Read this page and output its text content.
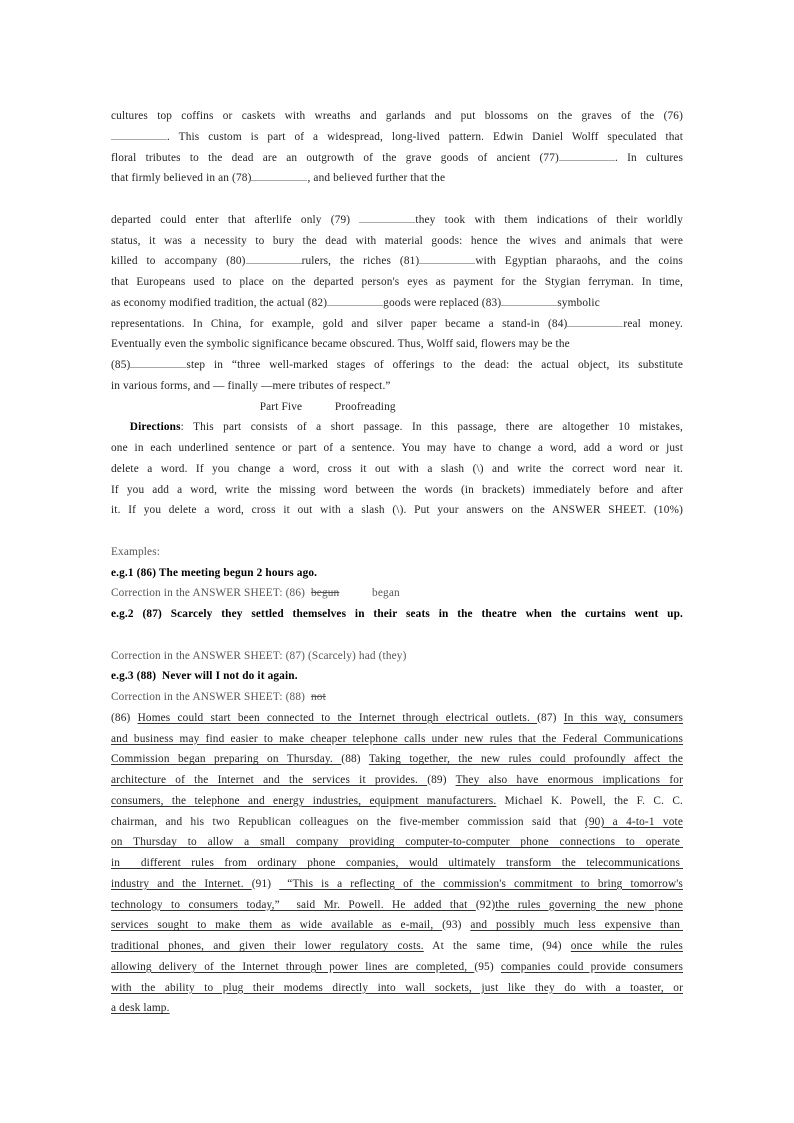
cultures top coffins or caskets with wreaths and garlands and put blossoms on the graves of the (76)
. This custom is part of a widespread, long-lived pattern. Edwin Daniel Wolff speculated that
floral tributes to the dead are an outgrowth of the grave goods of ancient (77)	. In cultures
that firmly believed in an (78)	, and believed further that the
departed could enter that afterlife only (79)	they took with them indications of their worldly
status, it was a necessity to bury the dead with material goods: hence the wives and animals that were
killed to accompany (80)	rulers, the riches (81)	with Egyptian pharaohs, and the coins
that Europeans used to place on the departed person's eyes as payment for the Stygian ferryman. In time,
as economy modified tradition, the actual (82)	goods were replaced (83)	symbolic
representations. In China, for example, gold and silver paper became a stand-in (84)	real money.
Eventually even the symbolic significance became obscured. Thus, Wolff said, flowers may be the
(85)	step in “three well-marked stages of offerings to the dead: the actual object, its substitute
in various forms, and — finally —mere tributes of respect.”
Part Five           Proofreading
Directions: This part consists of a short passage. In this passage, there are altogether 10 mistakes,
one in each underlined sentence or part of a sentence. You may have to change a word, add a word or just
delete a word. If you change a word, cross it out with a slash (\) and write the correct word near it.
If you add a word, write the missing word between the words (in brackets) immediately before and after
it. If you delete a word, cross it out with a slash (\). Put your answers on the ANSWER SHEET. (10%)
Examples:
e.g.1 (86) The meeting begun 2 hours ago.
Correction in the ANSWER SHEET: (86)  begun           began
e.g.2 (87) Scarcely they settled themselves in their seats in the theatre when the curtains went up.
Correction in the ANSWER SHEET: (87) (Scarcely) had (they)
e.g.3 (88)  Never will I not do it again.
Correction in the ANSWER SHEET: (88)  not
(86) Homes could start been connected to the Internet through electrical outlets. (87) In this way, consumers
and business may find easier to make cheaper telephone calls under new rules that the Federal Communications
Commission began preparing on Thursday. (88) Taking together, the new rules could profoundly affect the
architecture of the Internet and the services it provides. (89) They also have enormous implications for
consumers, the telephone and energy industries, equipment manufacturers. Michael K. Powell, the F. C. C.
chairman, and his two Republican colleagues on the five-member commission said that (90) a 4-to-1 vote
on Thursday to allow a small company providing computer-to-computer phone connections to operate
in  different rules from ordinary phone companies, would ultimately transform the telecommunications
industry and the Internet. (91)  “This is a reflecting of the commission's commitment to bring tomorrow's
technology to consumers today,”  said Mr. Powell. He added that (92)the rules governing the new phone
services sought to make them as wide available as e-mail, (93) and possibly much less expensive than
traditional phones, and given their lower regulatory costs. At the same time, (94) once while the rules
allowing delivery of the Internet through power lines are completed, (95) companies could provide consumers
with the ability to plug their modems directly into wall sockets, just like they do with a toaster, or
a desk lamp.
